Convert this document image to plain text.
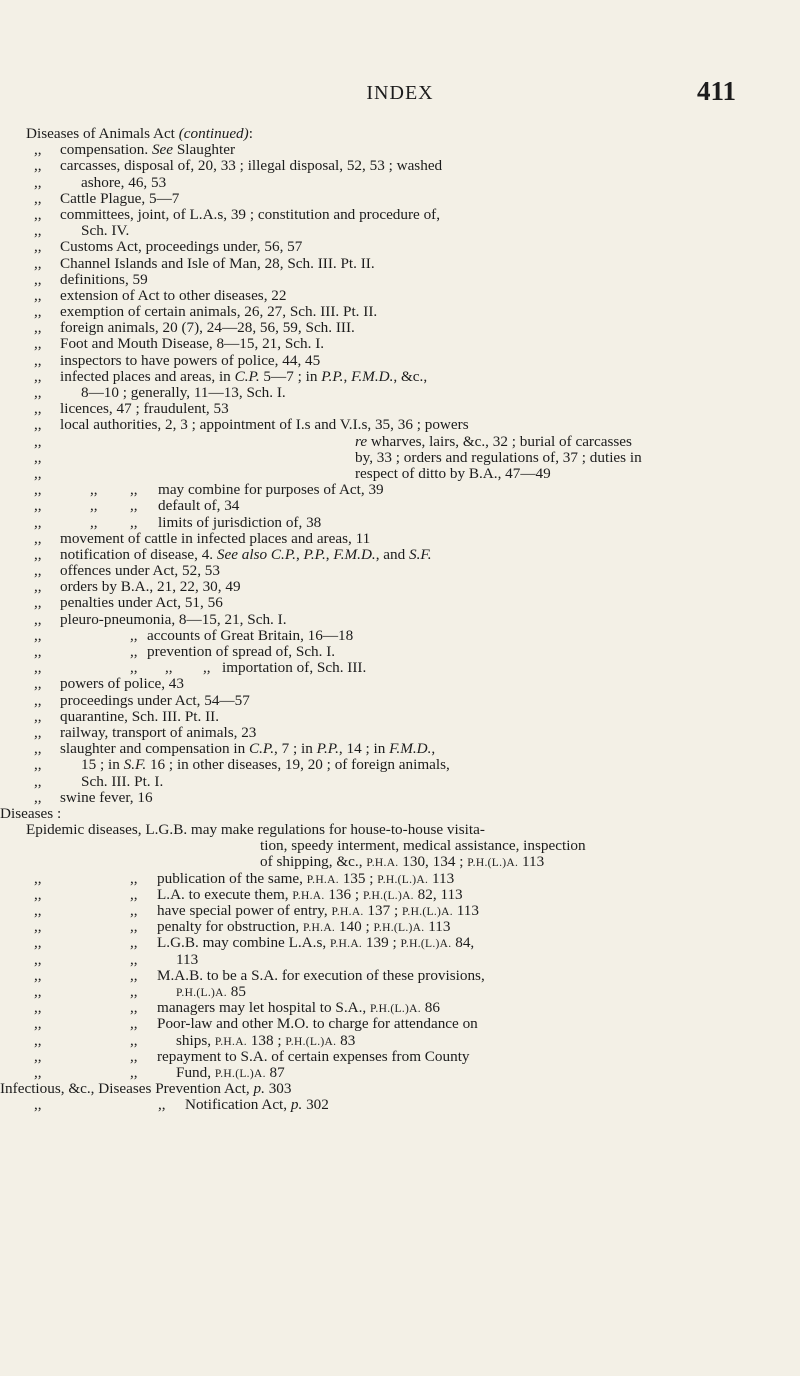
INDEX	411
Diseases of Animals Act (continued):
,, compensation. See Slaughter
,, carcasses, disposal of, 20, 33 ; illegal disposal, 52, 53 ; washed
,,	ashore, 46, 53
,, Cattle Plague, 5—7
,, committees, joint, of L.A.s, 39 ; constitution and procedure of,
,,	Sch. IV.
,, Customs Act, proceedings under, 56, 57
,, Channel Islands and Isle of Man, 28, Sch. III. Pt. II.
,, definitions, 59
,, extension of Act to other diseases, 22
,, exemption of certain animals, 26, 27, Sch. III. Pt. II.
,, foreign animals, 20 (7), 24—28, 56, 59, Sch. III.
,, Foot and Mouth Disease, 8—15, 21, Sch. I.
,, inspectors to have powers of police, 44, 45
,, infected places and areas, in C.P. 5—7 ; in P.P., F.M.D., &c.,
,,	8—10 ; generally, 11—13, Sch. I.
,, licences, 47 ; fraudulent, 53
,, local authorities, 2, 3 ; appointment of I.s and V.I.s, 35, 36 ; powers
,,	re wharves, lairs, &c., 32 ; burial of carcasses
,,	by, 33 ; orders and regulations of, 37 ; duties in
,,	respect of ditto by B.A., 47—49
,,	,, ,, may combine for purposes of Act, 39
,,	,, ,, default of, 34
,,	,, ,, limits of jurisdiction of, 38
,, movement of cattle in infected places and areas, 11
,, notification of disease, 4. See also C.P., P.P., F.M.D., and S.F.
,, offences under Act, 52, 53
,, orders by B.A., 21, 22, 30, 49
,, penalties under Act, 51, 56
,, pleuro-pneumonia, 8—15, 21, Sch. I.
,,	,, accounts of Great Britain, 16—18
,,	,, prevention of spread of, Sch. I.
,,	,, ,, ,, importation of, Sch. III.
,, powers of police, 43
,, proceedings under Act, 54—57
,, quarantine, Sch. III. Pt. II.
,, railway, transport of animals, 23
,, slaughter and compensation in C.P., 7 ; in P.P., 14 ; in F.M.D.,
,,	15 ; in S.F. 16 ; in other diseases, 19, 20 ; of foreign animals,
,,	Sch. III. Pt. I.
,, swine fever, 16
Diseases :
Epidemic diseases, L.G.B. may make regulations for house-to-house visita-
tion, speedy interment, medical assistance, inspection
of shipping, &c., P.H.A. 130, 134 ; P.H.(L.)A. 113
,,	,, publication of the same, P.H.A. 135 ; P.H.(L.)A. 113
,,	,, L.A. to execute them, P.H.A. 136 ; P.H.(L.)A. 82, 113
,,	,, have special power of entry, P.H.A. 137 ; P.H.(L.)A. 113
,,	,, penalty for obstruction, P.H.A. 140 ; P.H.(L.)A. 113
,,	,, L.G.B. may combine L.A.s, P.H.A. 139 ; P.H.(L.)A. 84,
,,	,,	113
,,	,, M.A.B. to be a S.A. for execution of these provisions,
,,	,,	P.H.(L.)A. 85
,,	,, managers may let hospital to S.A., P.H.(L.)A. 86
,,	,, Poor-law and other M.O. to charge for attendance on
,,	,,	ships, P.H.A. 138 ; P.H.(L.)A. 83
,,	,, repayment to S.A. of certain expenses from County
,,	,,	Fund, P.H.(L.)A. 87
Infectious, &c., Diseases Prevention Act, p. 303
,,	,, Notification Act, p. 302
